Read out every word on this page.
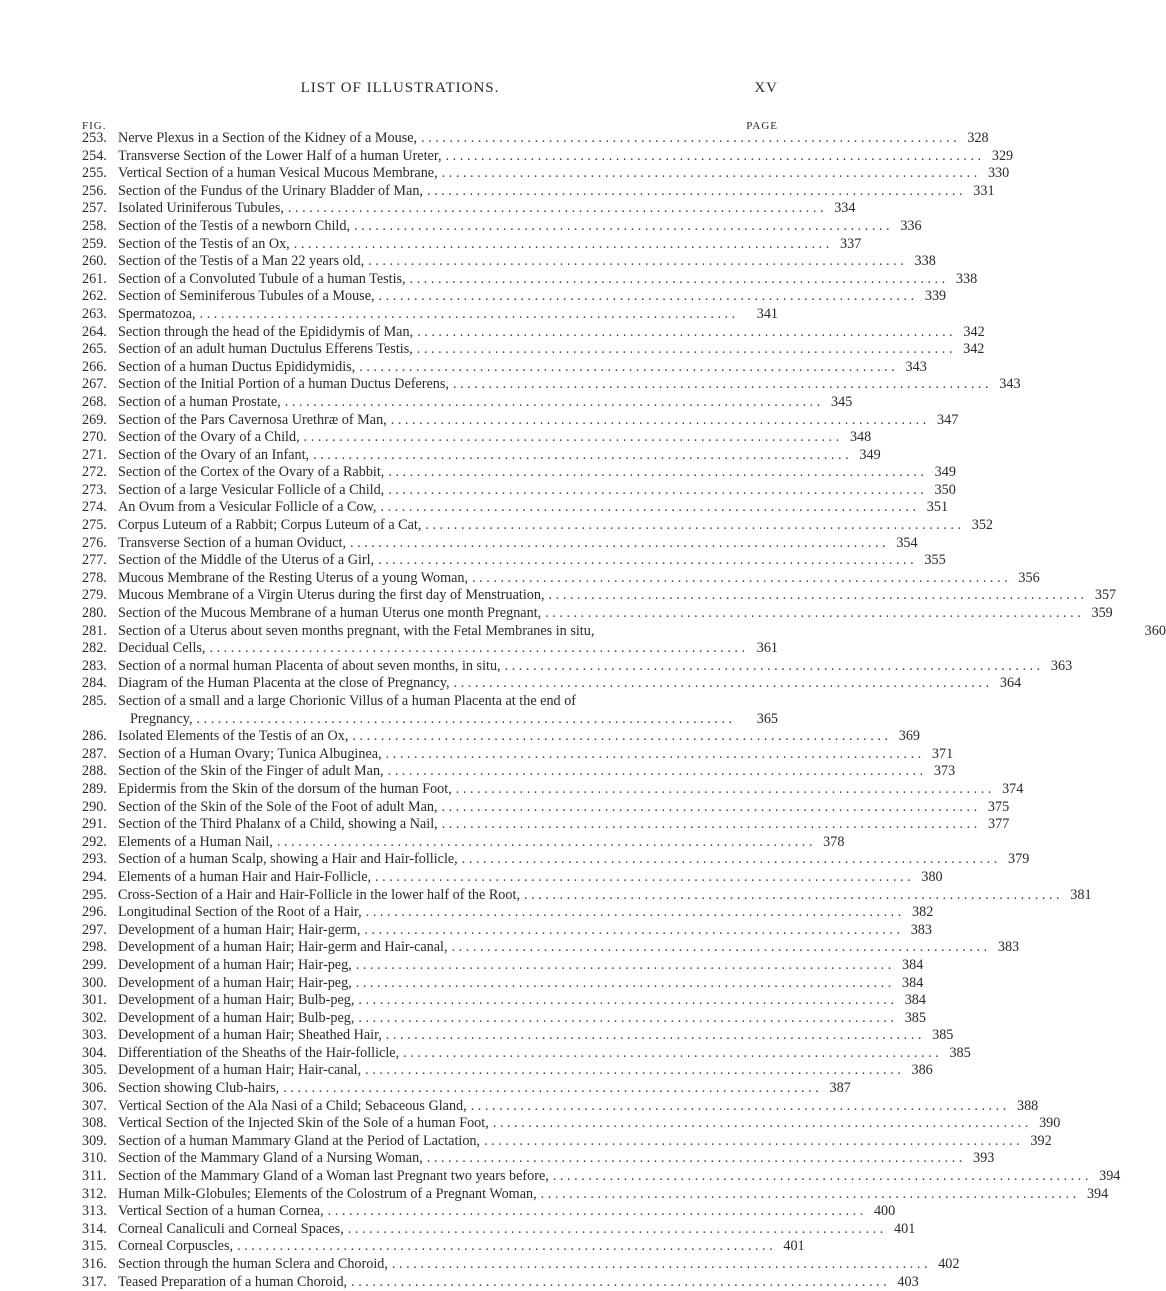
LIST OF ILLUSTRATIONS.	XV
FIG.	PAGE
253. Nerve Plexus in a Section of the Kidney of a Mouse, . . .	328
254. Transverse Section of the Lower Half of a human Ureter, . . .	329
255. Vertical Section of a human Vesical Mucous Membrane, . . .	330
256. Section of the Fundus of the Urinary Bladder of Man, . . .	331
257. Isolated Uriniferous Tubules, . . .	334
258. Section of the Testis of a newborn Child, . . .	336
259. Section of the Testis of an Ox, . . .	337
260. Section of the Testis of a Man 22 years old, . . .	338
261. Section of a Convoluted Tubule of a human Testis, . . .	338
262. Section of Seminiferous Tubules of a Mouse, . . .	339
263. Spermatozoa, . . .	341
264. Section through the head of the Epididymis of Man, . . .	342
265. Section of an adult human Ductulus Efferens Testis, . . .	342
266. Section of a human Ductus Epididymidis, . . .	343
267. Section of the Initial Portion of a human Ductus Deferens, . . .	343
268. Section of a human Prostate, . . .	345
269. Section of the Pars Cavernosa Urethræ of Man, . . .	347
270. Section of the Ovary of a Child, . . .	348
271. Section of the Ovary of an Infant, . . .	349
272. Section of the Cortex of the Ovary of a Rabbit, . . .	349
273. Section of a large Vesicular Follicle of a Child, . . .	350
274. An Ovum from a Vesicular Follicle of a Cow, . . .	351
275. Corpus Luteum of a Rabbit; Corpus Luteum of a Cat, . . .	352
276. Transverse Section of a human Oviduct, . . .	354
277. Section of the Middle of the Uterus of a Girl, . . .	355
278. Mucous Membrane of the Resting Uterus of a young Woman, . . .	356
279. Mucous Membrane of a Virgin Uterus during the first day of Menstruation, . . .	357
280. Section of the Mucous Membrane of a human Uterus one month Pregnant, . . .	359
281. Section of a Uterus about seven months pregnant, with the Fetal Membranes in situ,	360
282. Decidual Cells, . . .	361
283. Section of a normal human Placenta of about seven months, in situ, . . .	363
284. Diagram of the Human Placenta at the close of Pregnancy, . . .	364
285. Section of a small and a large Chorionic Villus of a human Placenta at the end of
Pregnancy, . . .	365
286. Isolated Elements of the Testis of an Ox, . . .	369
287. Section of a Human Ovary; Tunica Albuginea, . . .	371
288. Section of the Skin of the Finger of adult Man, . . .	373
289. Epidermis from the Skin of the dorsum of the human Foot, . . .	374
290. Section of the Skin of the Sole of the Foot of adult Man, . . .	375
291. Section of the Third Phalanx of a Child, showing a Nail, . . .	377
292. Elements of a Human Nail, . . .	378
293. Section of a human Scalp, showing a Hair and Hair-follicle, . . .	379
294. Elements of a human Hair and Hair-Follicle, . . .	380
295. Cross-Section of a Hair and Hair-Follicle in the lower half of the Root, . . .	381
296. Longitudinal Section of the Root of a Hair, . . .	382
297. Development of a human Hair; Hair-germ, . . .	383
298. Development of a human Hair; Hair-germ and Hair-canal, . . .	383
299. Development of a human Hair; Hair-peg, . . .	384
300. Development of a human Hair; Hair-peg, . . .	384
301. Development of a human Hair; Bulb-peg, . . .	384
302. Development of a human Hair; Bulb-peg, . . .	385
303. Development of a human Hair; Sheathed Hair, . . .	385
304. Differentiation of the Sheaths of the Hair-follicle, . . .	385
305. Development of a human Hair; Hair-canal, . . .	386
306. Section showing Club-hairs, . . .	387
307. Vertical Section of the Ala Nasi of a Child; Sebaceous Gland, . . .	388
308. Vertical Section of the Injected Skin of the Sole of a human Foot, . . .	390
309. Section of a human Mammary Gland at the Period of Lactation, . . .	392
310. Section of the Mammary Gland of a Nursing Woman, . . .	393
311. Section of the Mammary Gland of a Woman last Pregnant two years before, . . .	394
312. Human Milk-Globules; Elements of the Colostrum of a Pregnant Woman, . . .	394
313. Vertical Section of a human Cornea, . . .	400
314. Corneal Canaliculi and Corneal Spaces, . . .	401
315. Corneal Corpuscles, . . .	401
316. Section through the human Sclera and Choroid, . . .	402
317. Teased Preparation of a human Choroid, . . .	403
